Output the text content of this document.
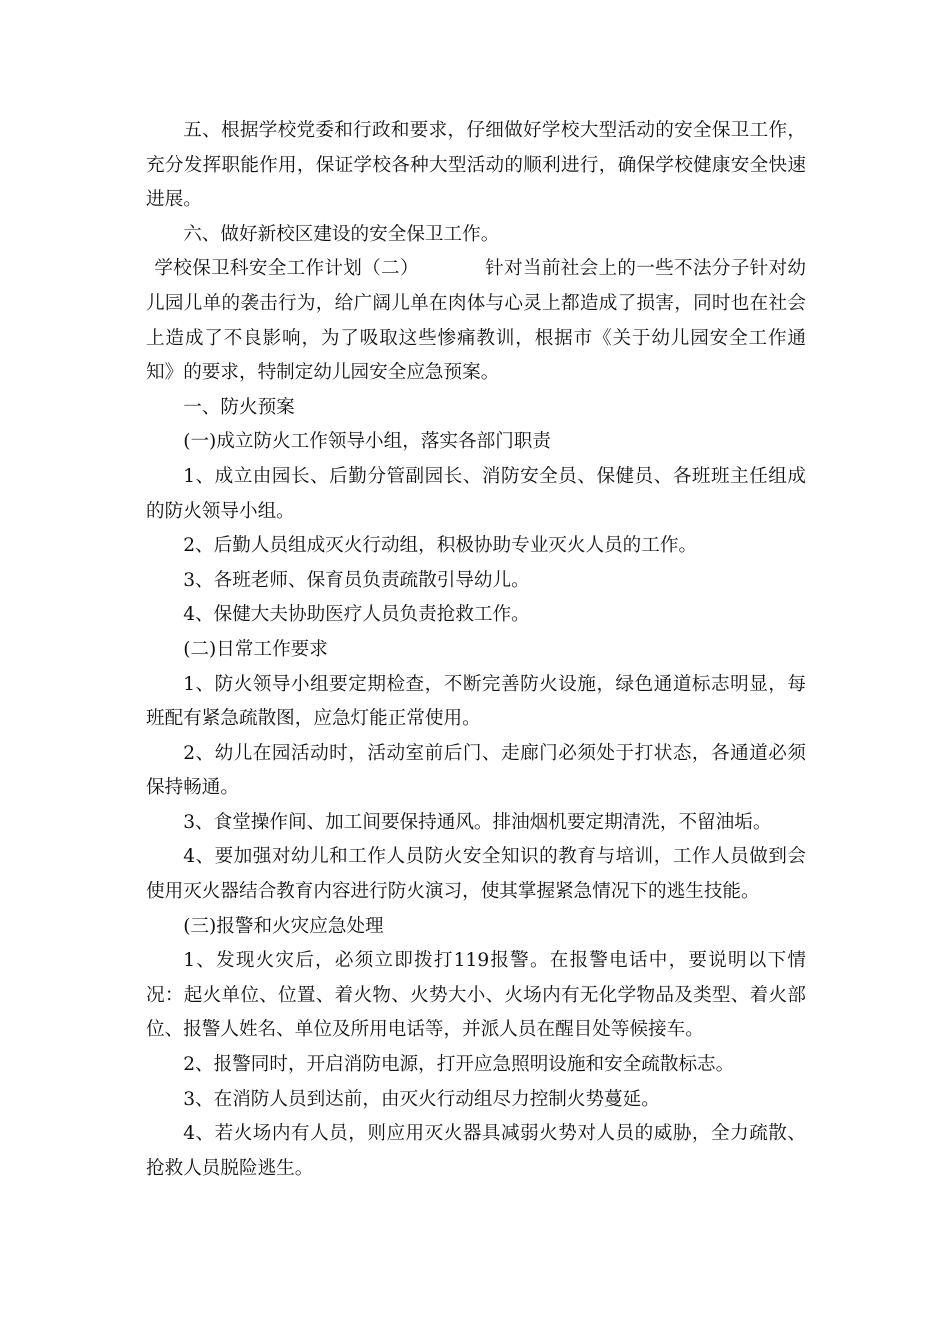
五、根据学校党委和行政和要求，仔细做好学校大型活动的安全保卫工作，充分发挥职能作用，保证学校各种大型活动的顺利进行，确保学校健康安全快速进展。

六、做好新校区建设的安全保卫工作。

学校保卫科安全工作计划（二）	针对当前社会上的一些不法分子针对幼儿园儿单的袭击行为，给广阔儿单在肉体与心灵上都造成了损害，同时也在社会上造成了不良影响，为了吸取这些惨痛教训，根据市《关于幼儿园安全工作通知》的要求，特制定幼儿园安全应急预案。

一、防火预案

(一)成立防火工作领导小组，落实各部门职责

1、成立由园长、后勤分管副园长、消防安全员、保健员、各班班主任组成的防火领导小组。

2、后勤人员组成灭火行动组，积极协助专业灭火人员的工作。

3、各班老师、保育员负责疏散引导幼儿。

4、保健大夫协助医疗人员负责抢救工作。

(二)日常工作要求

1、防火领导小组要定期检查，不断完善防火设施，绿色通道标志明显，每班配有紧急疏散图，应急灯能正常使用。

2、幼儿在园活动时，活动室前后门、走廊门必须处于打状态，各通道必须保持畅通。

3、食堂操作间、加工间要保持通风。排油烟机要定期清洗，不留油垢。

4、要加强对幼儿和工作人员防火安全知识的教育与培训，工作人员做到会使用灭火器结合教育内容进行防火演习，使其掌握紧急情况下的逃生技能。

(三)报警和火灾应急处理

1、发现火灾后，必须立即拨打119报警。在报警电话中，要说明以下情况：起火单位、位置、着火物、火势大小、火场内有无化学物品及类型、着火部位、报警人姓名、单位及所用电话等，并派人员在醒目处等候接车。

2、报警同时，开启消防电源，打开应急照明设施和安全疏散标志。

3、在消防人员到达前，由灭火行动组尽力控制火势蔓延。

4、若火场内有人员，则应用灭火器具减弱火势对人员的威胁，全力疏散、抢救人员脱险逃生。
